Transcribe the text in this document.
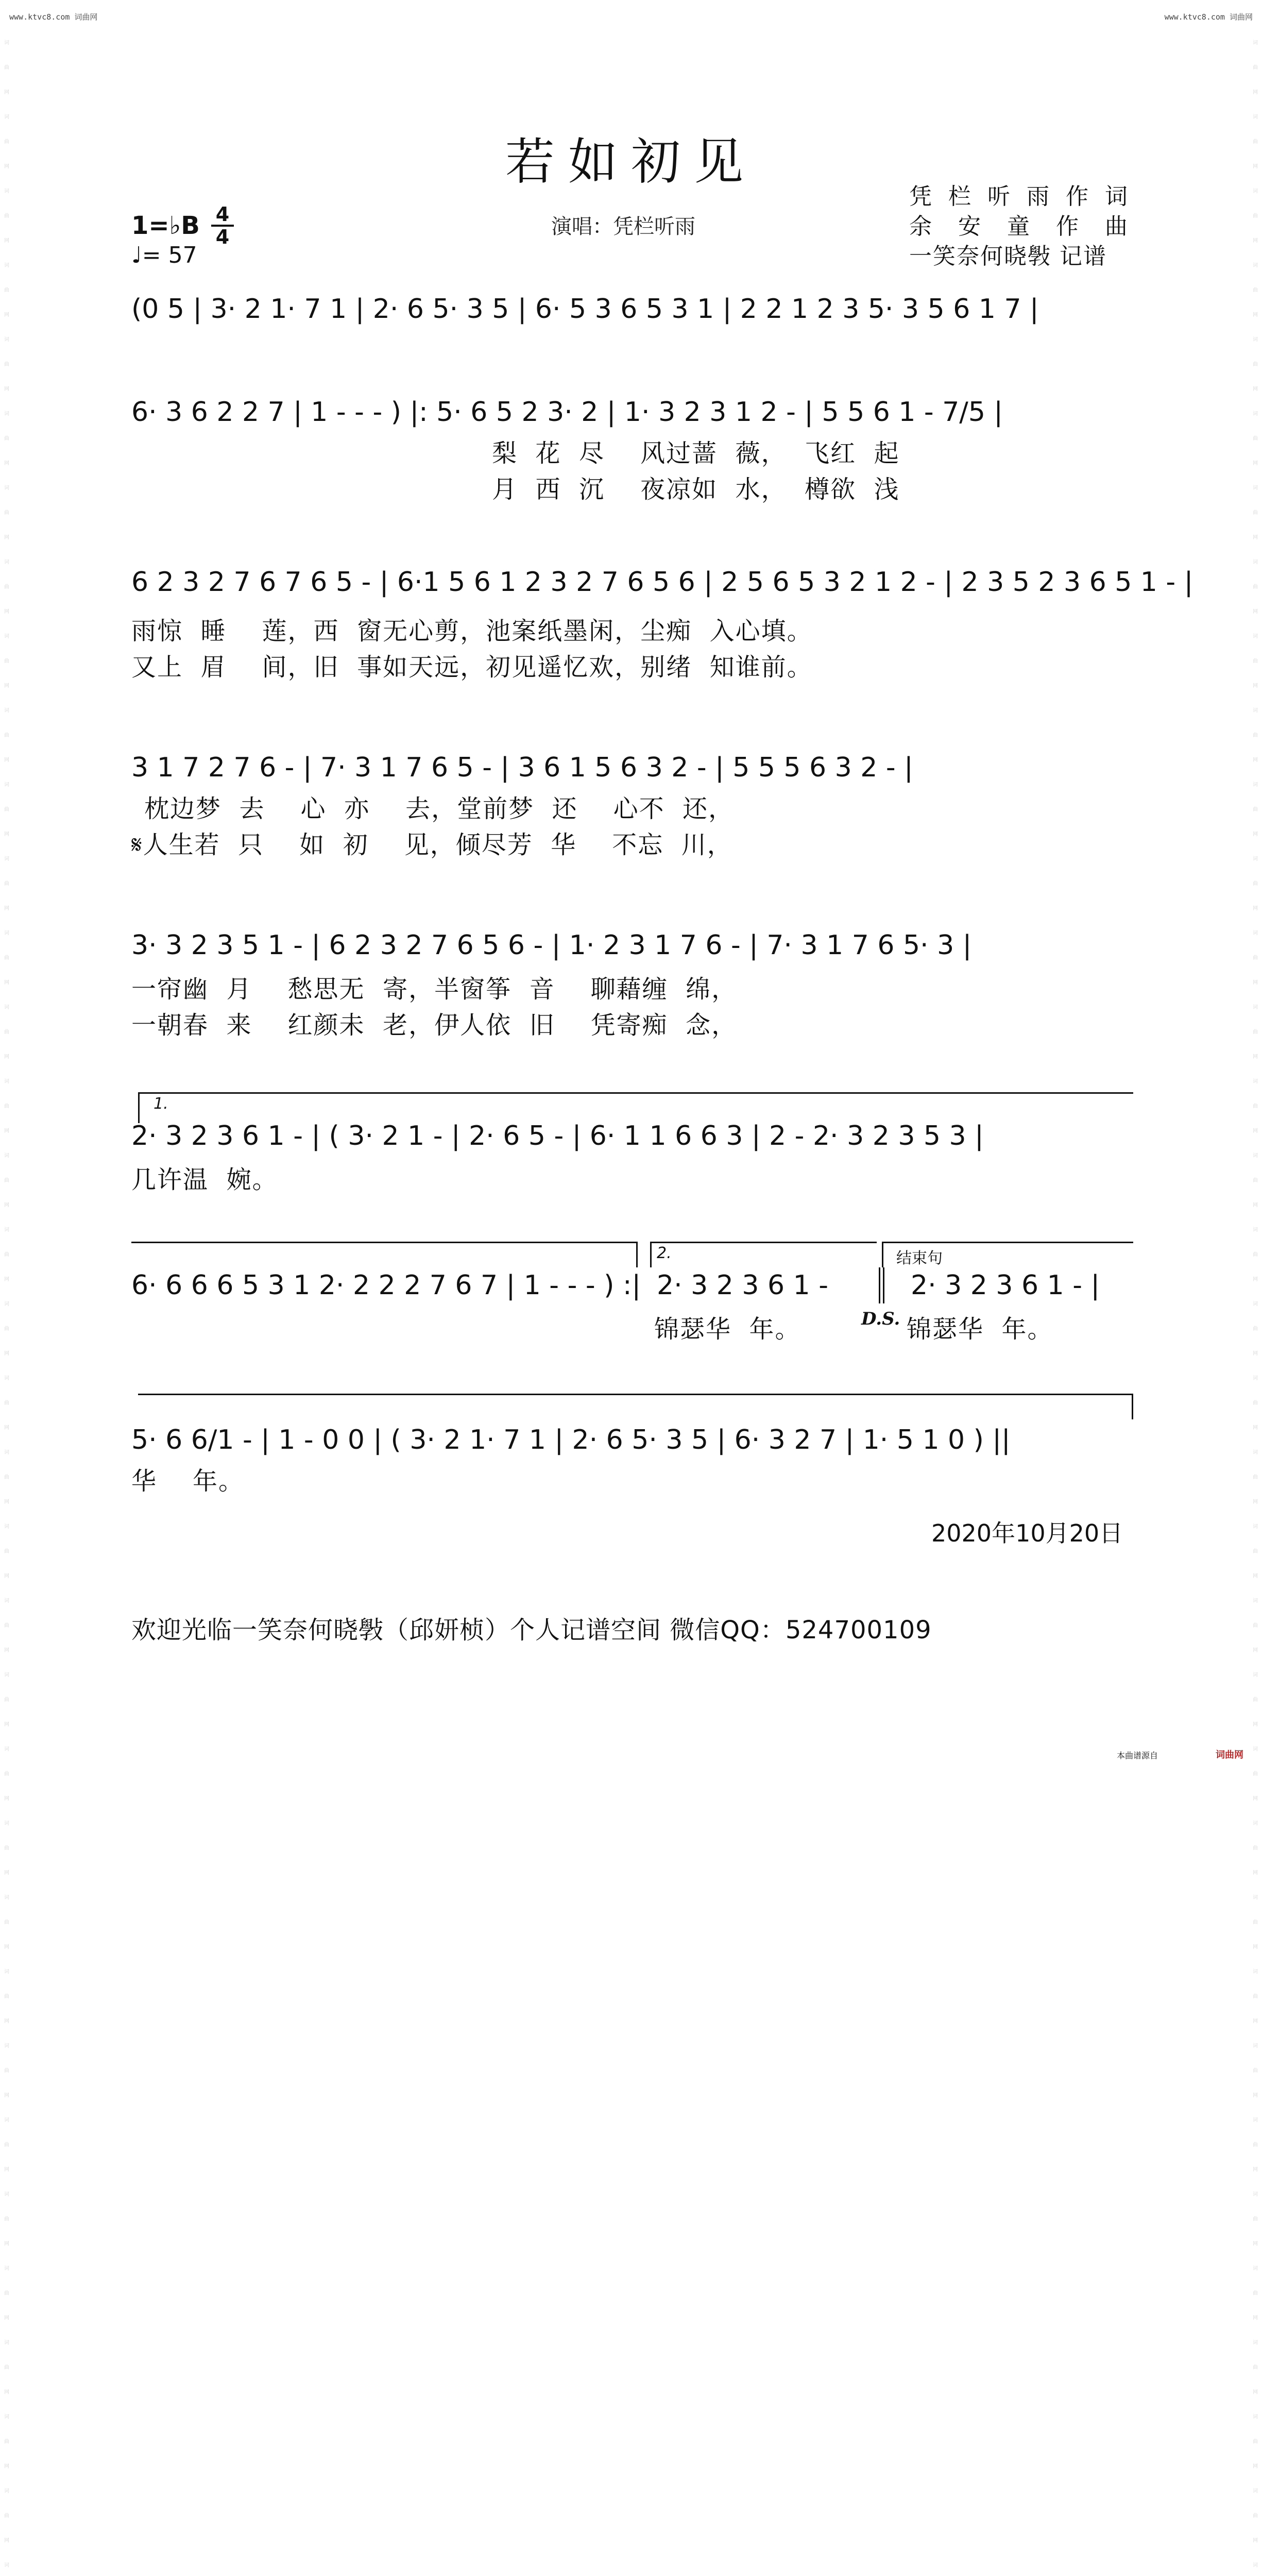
www.ktvc8.com 词曲网	www.ktvc8.com 词曲网
词曲网 词曲网 词曲网 词曲网 词曲网 词曲网 词曲网 词曲网 词曲网 词曲网 词曲网 词曲网 词曲网 词曲网 词曲网 词曲网 词曲网 词曲网 词曲网 词曲网 词曲网 词曲网 词曲网 词曲网 词曲网 词曲网 词曲网 词曲网 词曲网 词曲网 词曲网 词曲网 词曲网 词曲网 词
词曲网 词曲网 词曲网 词曲网 词曲网 词曲网 词曲网 词曲网 词曲网 词曲网 词曲网 词曲网 词曲网 词曲网 词曲网 词曲网 词曲网 词曲网 词曲网 词曲网 词曲网 词曲网 词曲网 词曲网 词曲网 词曲网 词曲网 词曲网 词曲网 词曲网 词曲网 词曲网 词曲网 词曲网 词
若如初见
凭栏听雨作词
余安童作曲
一笑奈何晓斅 记谱
1=♭B 4
4
♩= 57
演唱：凭栏听雨
(0 5 | 3· 2 1· 7 1 | 2· 6 5· 3 5 | 6· 5 3 6 5 3 1 | 2 2 1 2 3 5· 3 5 6 1 7 |
6· 3 6 2 2 7 | 1 - - - ) |: 5· 6 5 2 3· 2 | 1· 3 2 3 1 2 - | 5 5 6 1 - 7/5 |
梨  花  尽    风过蔷  薇，  飞红  起
月  西  沉    夜凉如  水，  樽欲  浅
6 2 3 2 7 6 7 6 5 - | 6·1 5 6 1 2 3 2 7 6 5 6 | 2 5 6 5 3 2 1 2 - | 2 3 5 2 3 6 5 1 - |
雨惊  睡    莲，西  窗无心剪，池案纸墨闲，尘痴  入心填。
又上  眉    间，旧  事如天远，初见遥忆欢，别绪  知谁前。
3 1 7 2 7 6 - | 7· 3 1 7 6 5 - | 3 6 1 5 6 3 2 - | 5 5 5 6 3 2 - |
枕边梦  去    心  亦    去，堂前梦  还    心不  还，
𝄋人生若  只    如  初    见，倾尽芳  华    不忘  川，
3· 3 2 3 5 1 - | 6 2 3 2 7 6 5 6 - | 1· 2 3 1 7 6 - | 7· 3 1 7 6 5· 3 |
一帘幽  月    愁思无  寄，半窗筝  音    聊藉缠  绵，
一朝春  来    红颜未  老，伊人依  旧    凭寄痴  念，
1.
2· 3 2 3 6 1 - | ( 3· 2 1 - | 2· 6 5 - | 6· 1 1 6 6 3 | 2 - 2· 3 2 3 5 3 |
几许温  婉。
2.	结束句
6· 6 6 6 5 3 1 2· 2 2 2 7 6 7 | 1 - - - ) :| 2· 3 2 3 6 1 -	2· 3 2 3 6 1 - |
锦瑟华  年。	D.S. 锦瑟华  年。
5· 6 6/1 - | 1 - 0 0 | ( 3· 2 1· 7 1 | 2· 6 5· 3 5 | 6· 3 2 7 | 1· 5 1 0 ) ||
华    年。
2020年10月20日
欢迎光临一笑奈何晓斅（邱妍桢）个人记谱空间 微信QQ：524700109
本曲谱源自	词曲网
